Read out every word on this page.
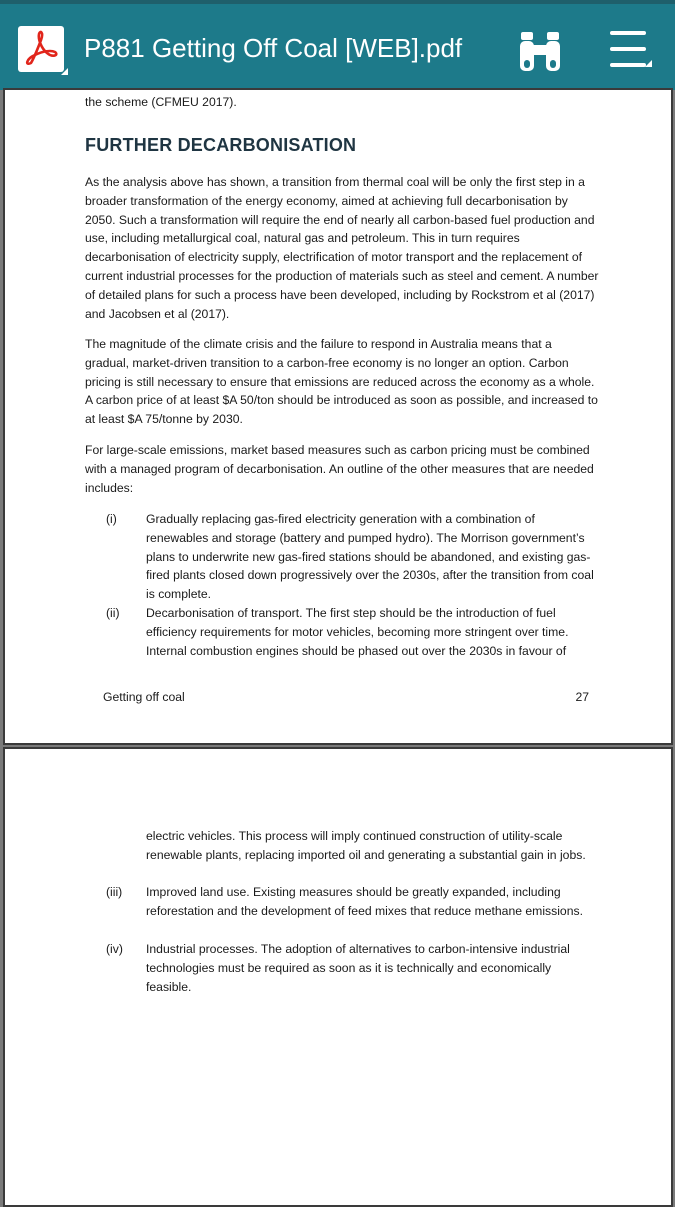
P881 Getting Off Coal [WEB].pdf
the scheme (CFMEU 2017).
FURTHER DECARBONISATION

As the analysis above has shown, a transition from thermal coal will be only the first step in a broader transformation of the energy economy, aimed at achieving full decarbonisation by 2050. Such a transformation will require the end of nearly all carbon-based fuel production and use, including metallurgical coal, natural gas and petroleum. This in turn requires decarbonisation of electricity supply, electrification of motor transport and the replacement of current industrial processes for the production of materials such as steel and cement. A number of detailed plans for such a process have been developed, including by Rockstrom et al (2017) and Jacobsen et al (2017).

The magnitude of the climate crisis and the failure to respond in Australia means that a gradual, market-driven transition to a carbon-free economy is no longer an option. Carbon pricing is still necessary to ensure that emissions are reduced across the economy as a whole. A carbon price of at least $A 50/ton should be introduced as soon as possible, and increased to at least $A 75/tonne by 2030.

For large-scale emissions, market based measures such as carbon pricing must be combined with a managed program of decarbonisation. An outline of the other measures that are needed includes:

(i) Gradually replacing gas-fired electricity generation with a combination of renewables and storage (battery and pumped hydro). The Morrison government’s plans to underwrite new gas-fired stations should be abandoned, and existing gas-fired plants closed down progressively over the 2030s, after the transition from coal is complete.
(ii) Decarbonisation of transport. The first step should be the introduction of fuel efficiency requirements for motor vehicles, becoming more stringent over time. Internal combustion engines should be phased out over the 2030s in favour of
Getting off coal	27
electric vehicles. This process will imply continued construction of utility-scale renewable plants, replacing imported oil and generating a substantial gain in jobs.
(iii) Improved land use. Existing measures should be greatly expanded, including reforestation and the development of feed mixes that reduce methane emissions.
(iv) Industrial processes. The adoption of alternatives to carbon-intensive industrial technologies must be required as soon as it is technically and economically feasible.
